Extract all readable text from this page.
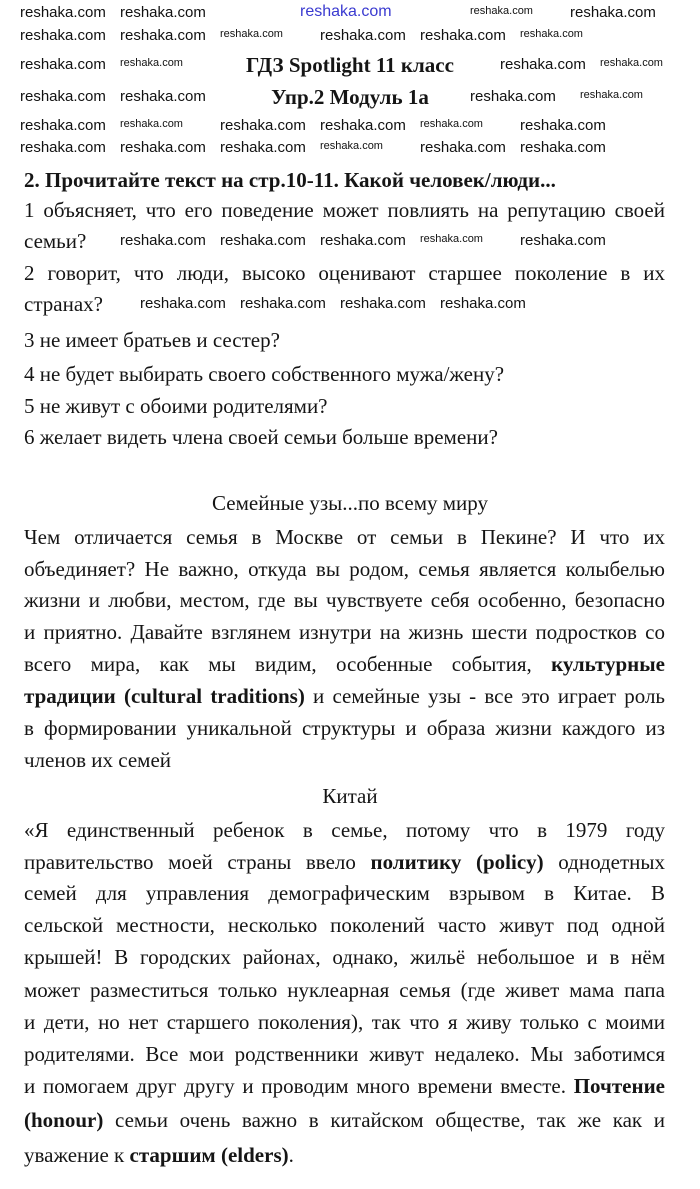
reshaka.com
ГДЗ Spotlight 11 класс
Упр.2 Модуль 1a
2. Прочитайте текст на стр.10-11. Какой человек/люди...
1 объясняет, что его поведение может повлиять на репутацию своей
семьи?
2 говорит, что люди, высоко оценивают старшее поколение в их
странах?
3 не имеет братьев и сестер?
4 не будет выбирать своего собственного мужа/жену?
5 не живут с обоими родителями?
6 желает видеть члена своей семьи больше времени?
Семейные узы...по всему миру
Чем отличается семья в Москве от семьи в Пекине? И что их
объединяет? Не важно, откуда вы родом, семья является колыбелью
жизни и любви, местом, где вы чувствуете себя особенно, безопасно
и приятно. Давайте взглянем изнутри на жизнь шести подростков со
всего мира, как мы видим, особенные события, культурные
традиции (cultural traditions) и семейные узы - все это играет роль
в формировании уникальной структуры и образа жизни каждого из
членов их семей
Китай
«Я единственный ребенок в семье, потому что в 1979 году
правительство моей страны ввело политику (policy) однодетных
семей для управления демографическим взрывом в Китае. В
сельской местности, несколько поколений часто живут под одной
крышей! В городских районах, однако, жильё небольшое и в нём
может разместиться только нуклеарная семья (где живет мама папа
и дети, но нет старшего поколения), так что я живу только с моими
родителями. Все мои родственники живут недалеко. Мы заботимся
и помогаем друг другу и проводим много времени вместе. Почтение
(honour) семьи очень важно в китайском обществе, так же как и
уважение к старшим (elders).
reshaka.com reshaka.com	reshaka.com reshaka.com
reshaka.com reshaka.com reshaka.com reshaka.com reshaka.com reshaka.com
reshaka.com reshaka.com	reshaka.com reshaka.com
reshaka.com reshaka.com	reshaka.com reshaka.com
reshaka.com reshaka.com reshaka.com reshaka.com reshaka.com reshaka.com
reshaka.com reshaka.com reshaka.com reshaka.com reshaka.com reshaka.com
reshaka.com reshaka.com reshaka.com reshaka.com reshaka.com
reshaka.com reshaka.com reshaka.com reshaka.com
